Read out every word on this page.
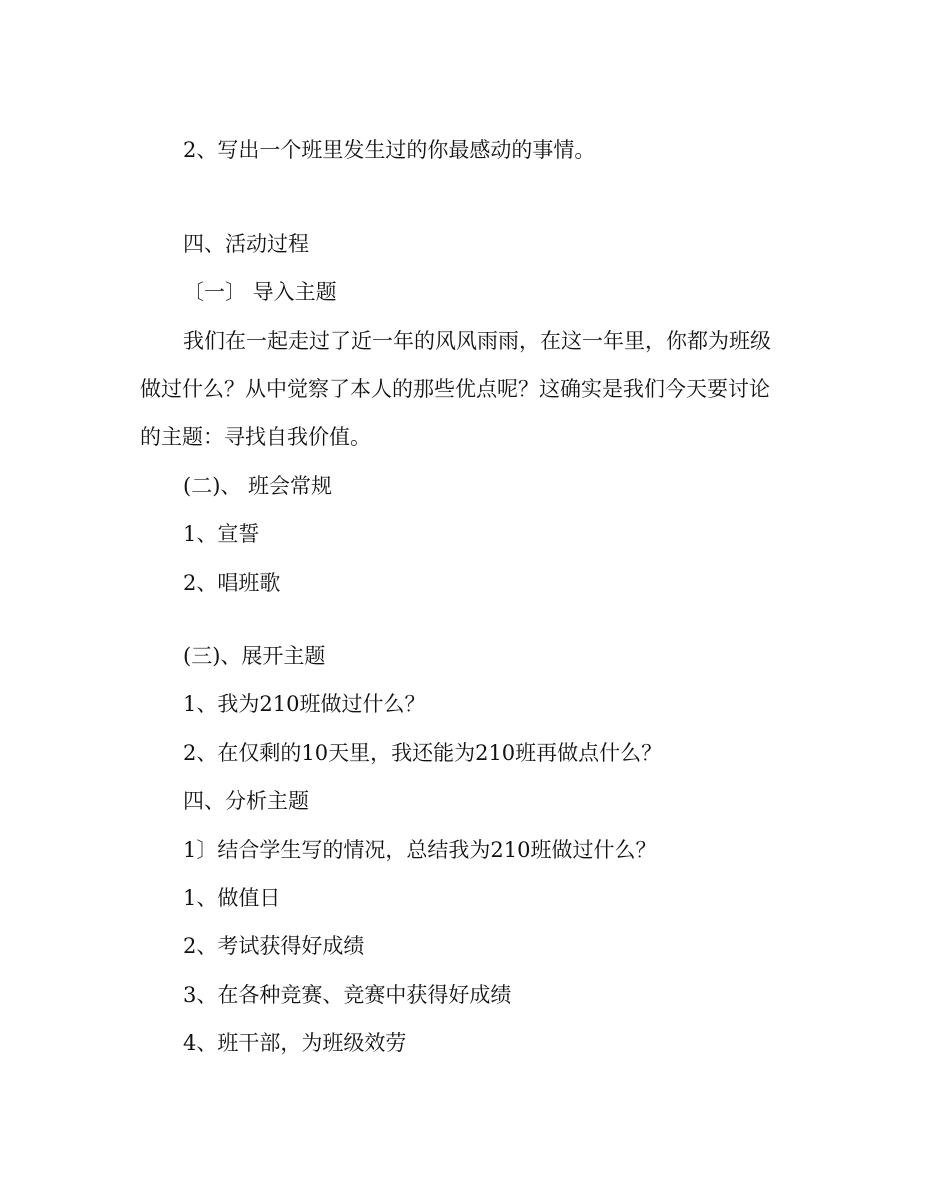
2、写出一个班里发生过的你最感动的事情。
四、活动过程
〔一〕 导入主题
我们在一起走过了近一年的风风雨雨，在这一年里，你都为班级
做过什么？从中觉察了本人的那些优点呢？这确实是我们今天要讨论
的主题：寻找自我价值。
(二)、 班会常规
1、宣誓
2、唱班歌
(三)、展开主题
1、我为210班做过什么？
2、在仅剩的10天里，我还能为210班再做点什么？
四、分析主题
1〕结合学生写的情况，总结我为210班做过什么？
1、做值日
2、考试获得好成绩
3、在各种竞赛、竞赛中获得好成绩
4、班干部，为班级效劳
